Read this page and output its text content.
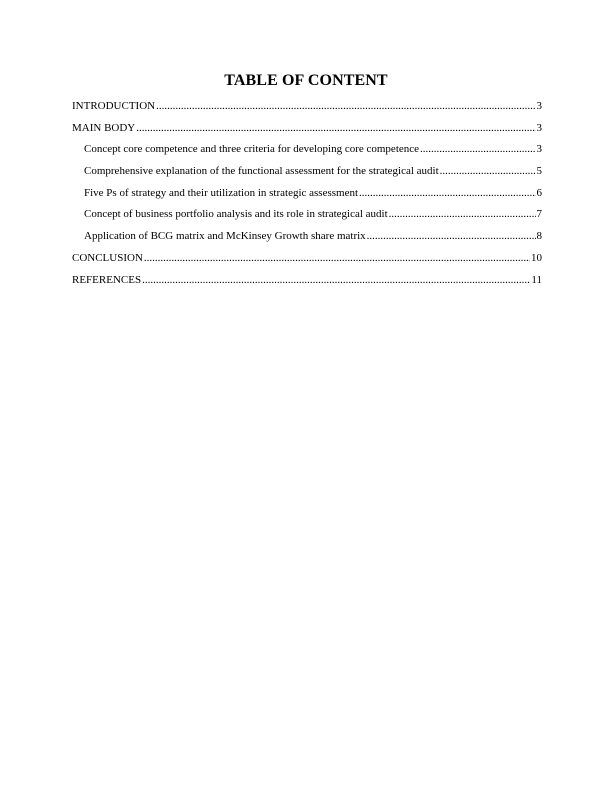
TABLE OF CONTENT
INTRODUCTION .....	3
MAIN BODY .....	3
Concept core competence and three criteria for developing core competence .....	3
Comprehensive explanation of the functional assessment for the strategical audit .....	5
Five Ps of strategy and their utilization in strategic assessment .....	6
Concept of business portfolio analysis and its role in strategical audit .....	7
Application of BCG matrix and McKinsey Growth share matrix .....	8
CONCLUSION .....	10
REFERENCES .....	11
